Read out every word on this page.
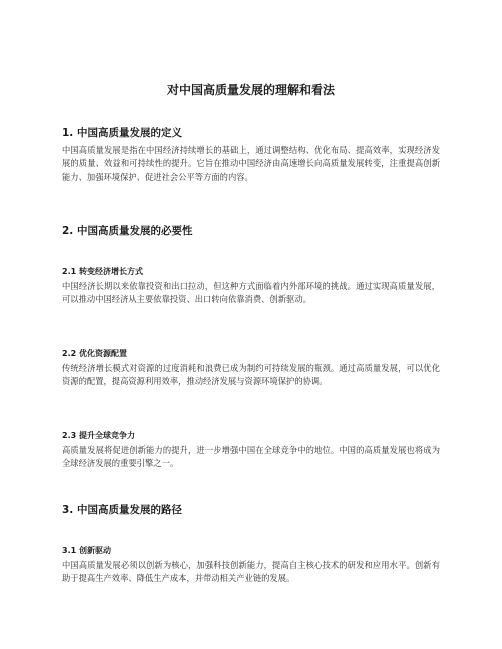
对中国高质量发展的理解和看法
1. 中国高质量发展的定义
中国高质量发展是指在中国经济持续增长的基础上，通过调整结构、优化布局、提高效率，实现经济发展的质量、效益和可持续性的提升。它旨在推动中国经济由高速增长向高质量发展转变，注重提高创新能力、加强环境保护、促进社会公平等方面的内容。
2. 中国高质量发展的必要性
2.1 转变经济增长方式
中国经济长期以来依靠投资和出口拉动，但这种方式面临着内外部环境的挑战。通过实现高质量发展，可以推动中国经济从主要依靠投资、出口转向依靠消费、创新驱动。
2.2 优化资源配置
传统经济增长模式对资源的过度消耗和浪费已成为制约可持续发展的瓶颈。通过高质量发展，可以优化资源的配置，提高资源利用效率，推动经济发展与资源环境保护的协调。
2.3 提升全球竞争力
高质量发展将促进创新能力的提升，进一步增强中国在全球竞争中的地位。中国的高质量发展也将成为全球经济发展的重要引擎之一。
3. 中国高质量发展的路径
3.1 创新驱动
中国高质量发展必须以创新为核心，加强科技创新能力，提高自主核心技术的研发和应用水平。创新有助于提高生产效率、降低生产成本，并带动相关产业链的发展。
